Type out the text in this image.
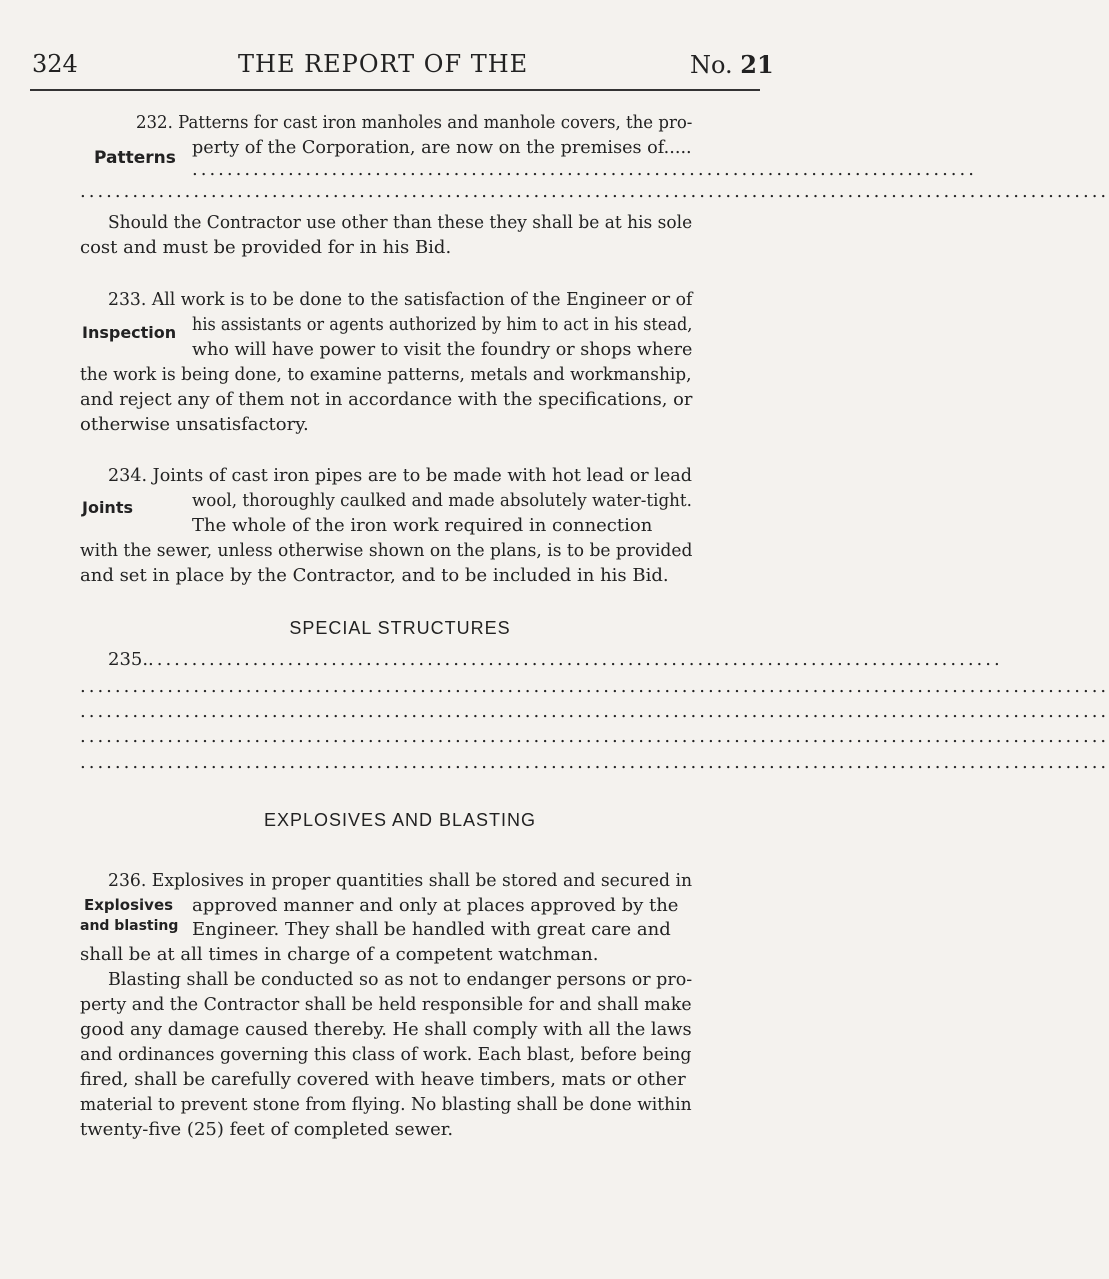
324	THE REPORT OF THE	No. 21
232. Patterns for cast iron manholes and manhole covers, the pro-
perty of the Corporation, are now on the premises of.....
Patterns
..........................................................................................
......................................................................................................................
Should the Contractor use other than these they shall be at his sole
cost and must be provided for in his Bid.
233. All work is to be done to the satisfaction of the Engineer or of
Inspection his assistants or agents authorized by him to act in his stead,
who will have power to visit the foundry or shops where
the work is being done, to examine patterns, metals and workmanship,
and reject any of them not in accordance with the specifications, or
otherwise unsatisfactory.
234. Joints of cast iron pipes are to be made with hot lead or lead
wool, thoroughly caulked and made absolutely water-tight.
Joints
The whole of the iron work required in connection
with the sewer, unless otherwise shown on the plans, is to be provided
and set in place by the Contractor, and to be included in his Bid.
SPECIAL STRUCTURES
235. ..................................................................................................
......................................................................................................................
......................................................................................................................
......................................................................................................................
......................................................................................................................
EXPLOSIVES AND BLASTING
236. Explosives in proper quantities shall be stored and secured in
Explosives approved manner and only at places approved by the
and blasting Engineer. They shall be handled with great care and
shall be at all times in charge of a competent watchman.
Blasting shall be conducted so as not to endanger persons or pro-
perty and the Contractor shall be held responsible for and shall make
good any damage caused thereby. He shall comply with all the laws
and ordinances governing this class of work. Each blast, before being
fired, shall be carefully covered with heave timbers, mats or other
material to prevent stone from flying. No blasting shall be done within
twenty-five (25) feet of completed sewer.
